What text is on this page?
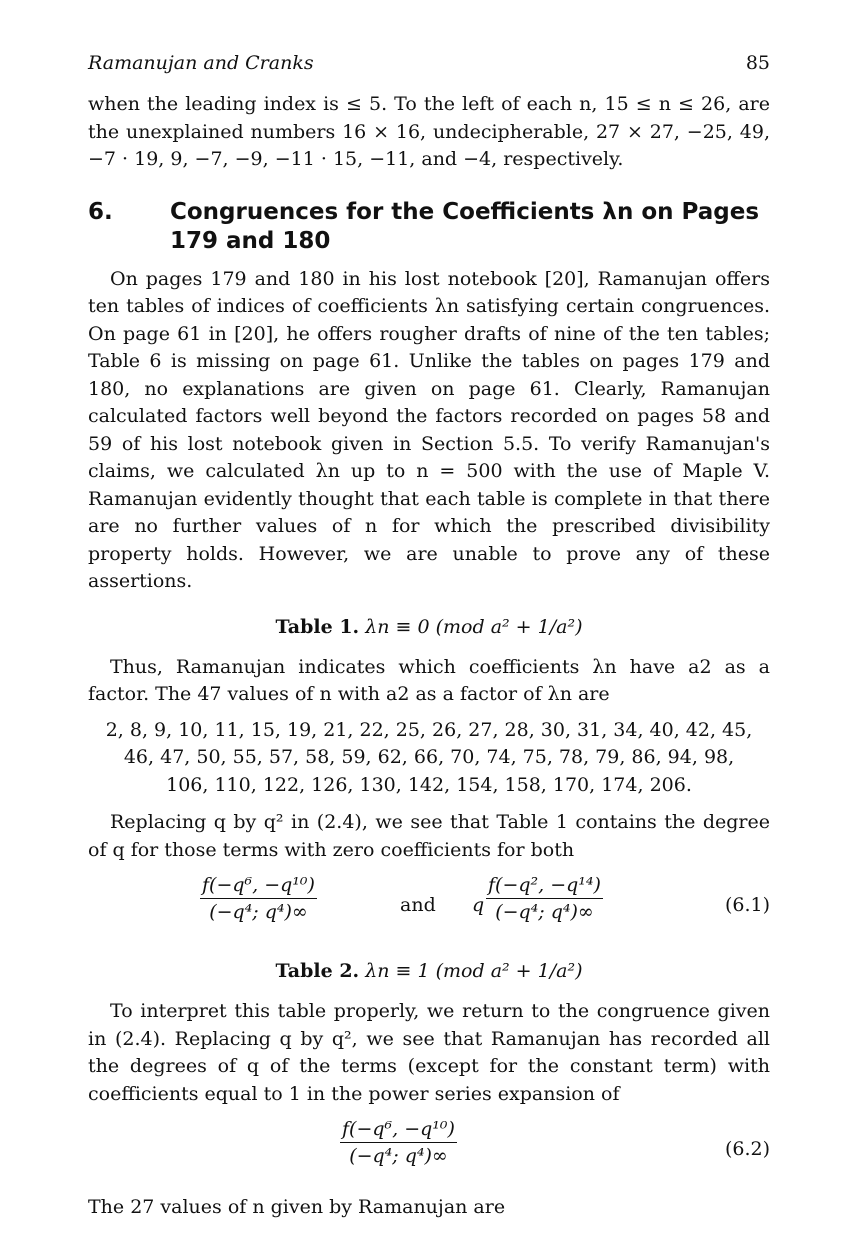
Ramanujan and Cranks	85

when the leading index is ≤ 5. To the left of each n, 15 ≤ n ≤ 26, are the unexplained numbers 16 × 16, undecipherable, 27 × 27, −25, 49, −7 · 19, 9, −7, −9, −11 · 15, −11, and −4, respectively.

6.	Congruences for the Coefficients λn on Pages 179 and 180

On pages 179 and 180 in his lost notebook [20], Ramanujan offers ten tables of indices of coefficients λn satisfying certain congruences. On page 61 in [20], he offers rougher drafts of nine of the ten tables; Table 6 is missing on page 61. Unlike the tables on pages 179 and 180, no explanations are given on page 61. Clearly, Ramanujan calculated factors well beyond the factors recorded on pages 58 and 59 of his lost notebook given in Section 5.5. To verify Ramanujan's claims, we calculated λn up to n = 500 with the use of Maple V. Ramanujan evidently thought that each table is complete in that there are no further values of n for which the prescribed divisibility property holds. However, we are unable to prove any of these assertions.

Table 1. λn ≡ 0 (mod a² + 1/a²)

Thus, Ramanujan indicates which coefficients λn have a2 as a factor. The 47 values of n with a2 as a factor of λn are

2, 8, 9, 10, 11, 15, 19, 21, 22, 25, 26, 27, 28, 30, 31, 34, 40, 42, 45,
46, 47, 50, 55, 57, 58, 59, 62, 66, 70, 74, 75, 78, 79, 86, 94, 98,
106, 110, 122, 126, 130, 142, 154, 158, 170, 174, 206.

Replacing q by q² in (2.4), we see that Table 1 contains the degree of q for those terms with zero coefficients for both

$\frac{\text{f(−q⁶, −q¹⁰)}}{\text{(−q⁴; q⁴)∞}}$	and q $\frac{\text{f(−q², −q¹⁴)}}{\text{(−q⁴; q⁴)∞}}$	(6.1)
Table 2. λn ≡ 1 (mod a² + 1/a²)

To interpret this table properly, we return to the congruence given in (2.4). Replacing q by q², we see that Ramanujan has recorded all the degrees of q of the terms (except for the constant term) with coefficients equal to 1 in the power series expansion of

$\frac{\text{f(−q⁶, −q¹⁰)}}{\text{(−q⁴; q⁴)∞}}$	(6.2)

The 27 values of n given by Ramanujan are
